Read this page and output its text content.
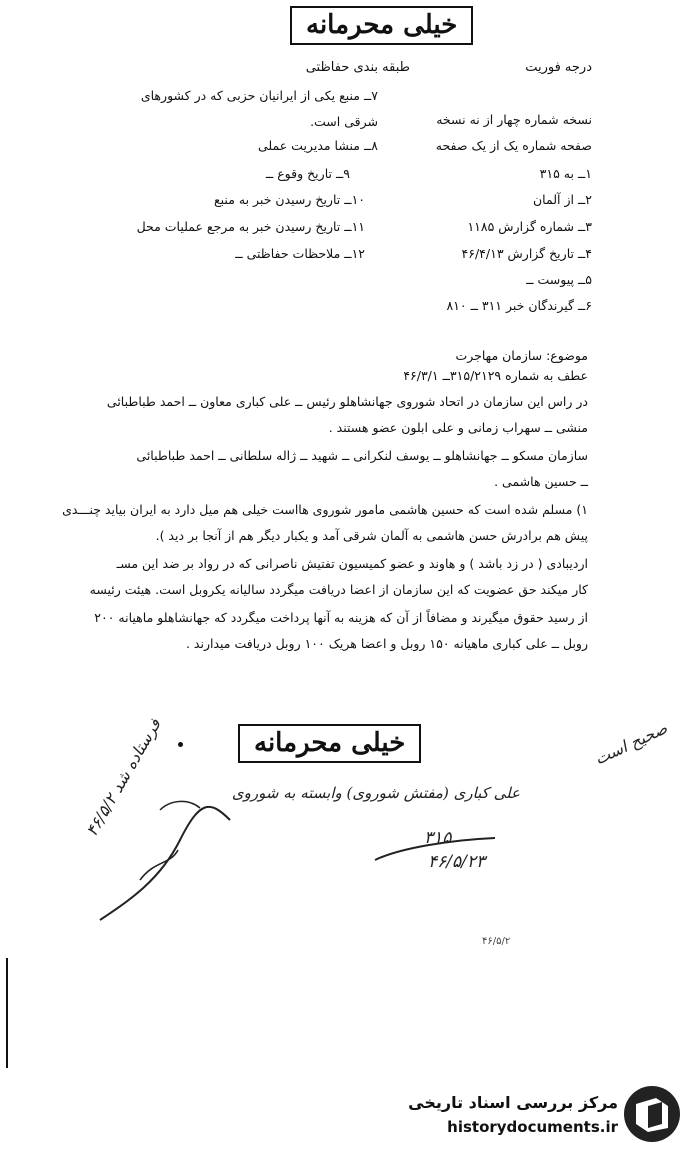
خیلی محرمانه
درجه فوریت
طبقه بندی حفاظتی
۷ــ منبع یکی از ایرانیان حزبی که در کشورهای
شرقی است.
۸ــ منشا مدیریت عملی
۹ــ تاریخ وقوع ــ
۱۰ــ تاریخ رسیدن خبر به منبع
۱۱ــ تاریخ رسیدن خبر به مرجع عملیات محل
۱۲ــ ملاحظات حفاظتی ــ
نسخه شماره چهار از نه نسخه
صفحه شماره یک از یک صفحه
۱ــ به ۳۱۵
۲ــ از آلمان
۳ــ شماره گزارش ۱۱۸۵
۴ــ تاریخ گزارش ۴۶/۴/۱۳
۵ــ پیوست ــ
۶ــ گیرندگان خبر ۳۱۱ ــ ۸۱۰
موضوع: سازمان مهاجرت
عطف به شماره ۳۱۵/۲۱۲۹ــ ۴۶/۳/۱
در راس این سازمان در اتحاد شوروی جهانشاهلو رئیس ــ علی کباری معاون ــ احمد طباطبائی
منشی ــ سهراب زمانی و علی ابلون عضو هستند .
سازمان مسکو ــ جهانشاهلو ــ یوسف لنکرانی ــ شهید ــ ژاله سلطانی ــ احمد طباطبائی
ــ حسین هاشمی .
۱) مسلم شده است که حسین هاشمی مامور شوروی هااست خیلی هم میل دارد به ایران بیاید چنـــدی
پیش هم برادرش حسن هاشمی به آلمان شرقی آمد و یکبار دیگر هم از آنجا بر دید ).
اردیبادی ( در زد باشد ) و هاوند و عضو کمیسیون تفتیش ناصرانی که در رواد بر ضد این مسـ
کار میکند حق عضویت که این سازمان از اعضا دریافت میگردد سالیانه یکروبل است. هیئت رئیسه
از رسید حقوق میگیرند و مضافاً از آن که هزینه به آنها پرداخت میگردد که جهانشاهلو ماهیانه ۲۰۰
روبل ــ علی کباری ماهیانه ۱۵۰ روبل و اعضا هریک ۱۰۰ روبل دریافت میدارند .
خیلی محرمانه	صحیح است
علی کباری (مفتش شوروی) وابسته به شوروی
۳۱۵
۴۶/۵/۲۳
فرستاده شد ۴۶/۵/۲
۴۶/۵/۲
مرکز بررسی اسناد تاریخی
historydocuments.ir
